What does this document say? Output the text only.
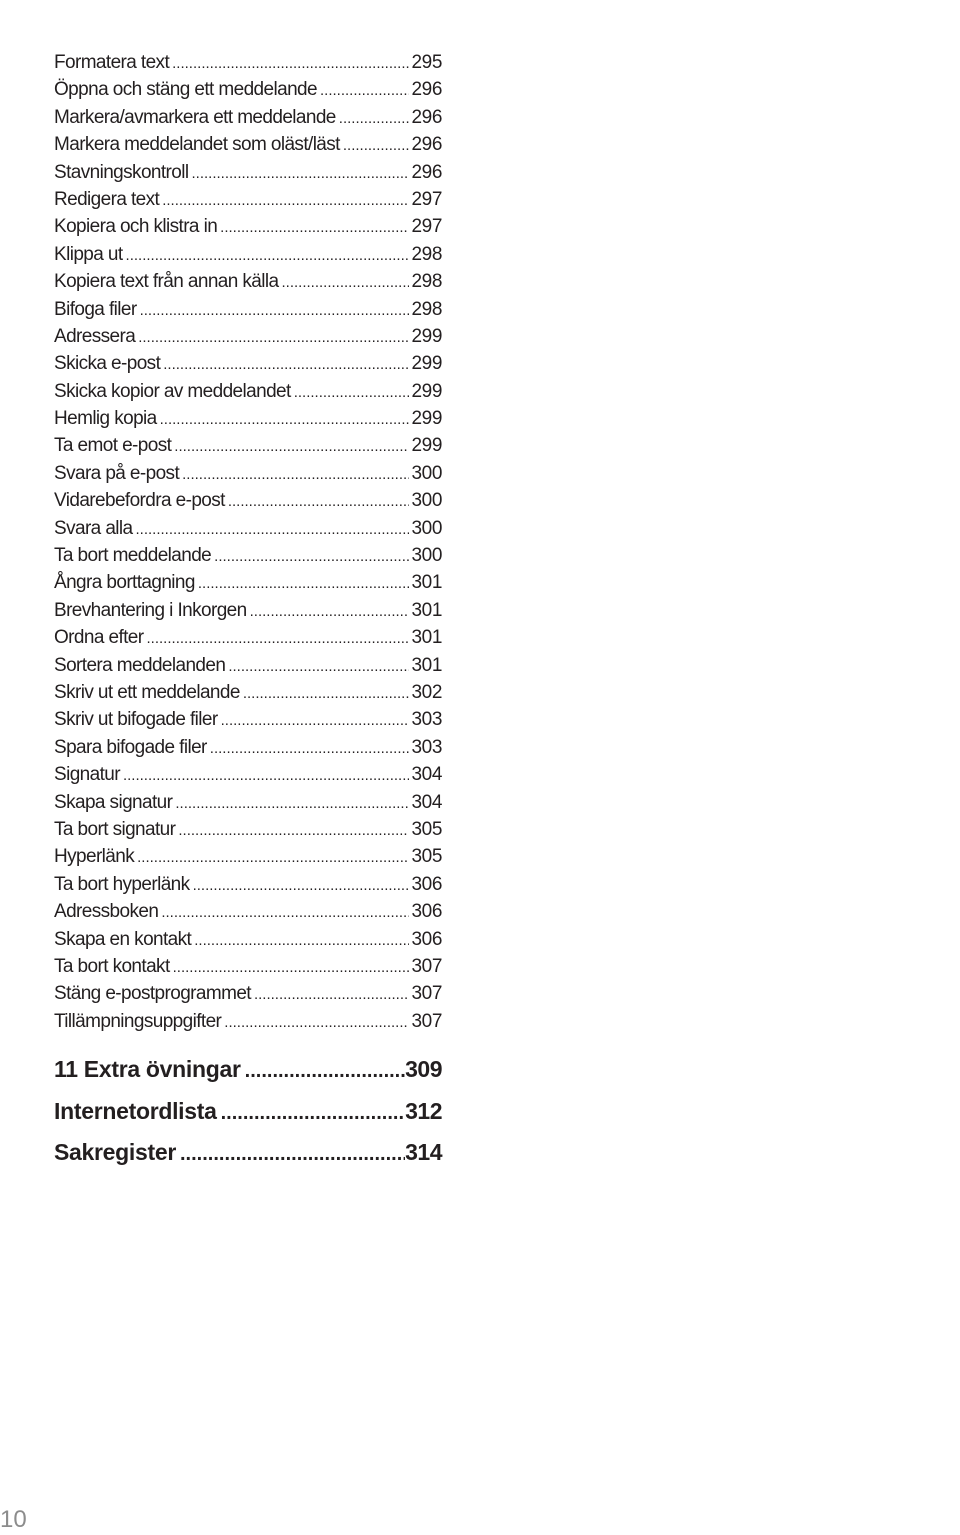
Formatera text .....	295
Öppna och stäng ett meddelande .....	296
Markera/avmarkera ett meddelande .....	296
Markera meddelandet som oläst/läst .....	296
Stavningskontroll .....	296
Redigera text .....	297
Kopiera och klistra in .....	297
Klippa ut .....	298
Kopiera text från annan källa .....	298
Bifoga filer .....	298
Adressera .....	299
Skicka e-post .....	299
Skicka kopior av meddelandet .....	299
Hemlig kopia .....	299
Ta emot e-post .....	299
Svara på e-post .....	300
Vidarebefordra e-post .....	300
Svara alla .....	300
Ta bort meddelande .....	300
Ångra borttagning .....	301
Brevhantering i Inkorgen .....	301
Ordna efter .....	301
Sortera meddelanden .....	301
Skriv ut ett meddelande .....	302
Skriv ut bifogade filer .....	303
Spara bifogade filer .....	303
Signatur .....	304
Skapa signatur .....	304
Ta bort signatur .....	305
Hyperlänk .....	305
Ta bort hyperlänk .....	306
Adressboken .....	306
Skapa en kontakt .....	306
Ta bort kontakt .....	307
Stäng e-postprogrammet .....	307
Tillämpningsuppgifter .....	307
11 Extra övningar .....	309
Internetordlista .....	312
Sakregister .....	314
10
